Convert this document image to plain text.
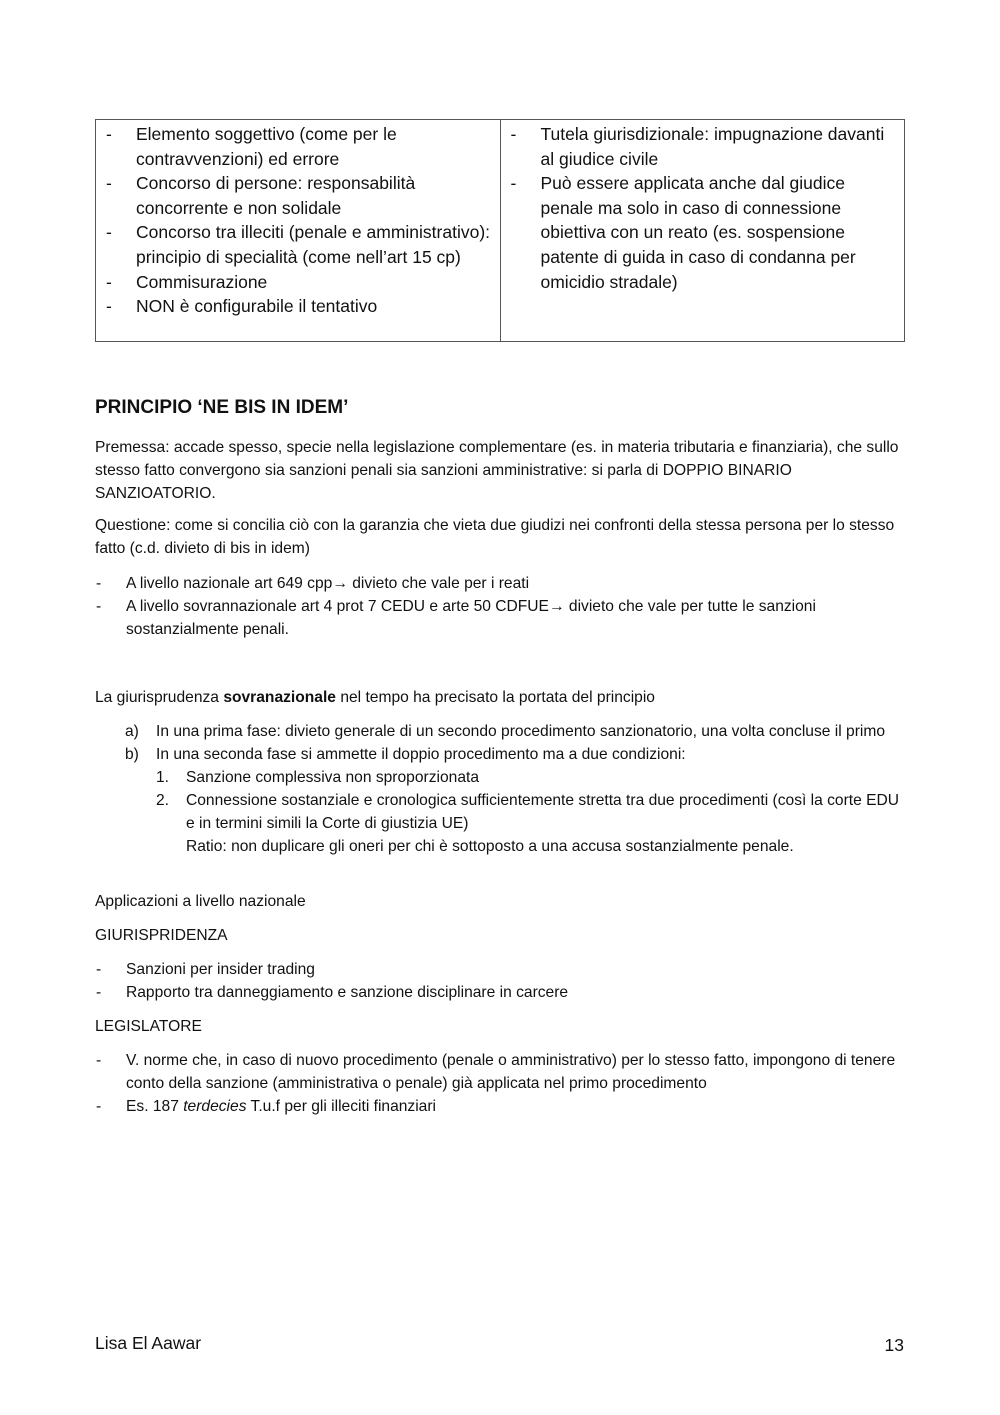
- Elemento soggettivo (come per le contravvenzioni) ed errore
- Concorso di persone: responsabilità concorrente e non solidale
- Concorso tra illeciti (penale e amministrativo): principio di specialità (come nell’art 15 cp)
- Commisurazione
- NON è configurabile il tentativo

- Tutela giurisdizionale: impugnazione davanti al giudice civile
- Può essere applicata anche dal giudice penale ma solo in caso di connessione obiettiva con un reato (es. sospensione patente di guida in caso di condanna per omicidio stradale)
PRINCIPIO ‘NE BIS IN IDEM’

Premessa: accade spesso, specie nella legislazione complementare (es. in materia tributaria e finanziaria), che sullo stesso fatto convergono sia sanzioni penali sia sanzioni amministrative: si parla di DOPPIO BINARIO SANZIOATORIO.

Questione: come si concilia ciò con la garanzia che vieta due giudizi nei confronti della stessa persona per lo stesso fatto (c.d. divieto di bis in idem)

- A livello nazionale art 649 cpp→ divieto che vale per i reati
- A livello sovrannazionale art 4 prot 7 CEDU e arte 50 CDFUE→ divieto che vale per tutte le sanzioni sostanzialmente penali.

La giurisprudenza sovranazionale nel tempo ha precisato la portata del principio

a) In una prima fase: divieto generale di un secondo procedimento sanzionatorio, una volta concluse il primo
b) In una seconda fase si ammette il doppio procedimento ma a due condizioni:
1. Sanzione complessiva non sproporzionata
2. Connessione sostanziale e cronologica sufficientemente stretta tra due procedimenti (così la corte EDU e in termini simili la Corte di giustizia UE)
Ratio: non duplicare gli oneri per chi è sottoposto a una accusa sostanzialmente penale.

Applicazioni a livello nazionale

GIURISPRIDENZA

- Sanzioni per insider trading
- Rapporto tra danneggiamento e sanzione disciplinare in carcere

LEGISLATORE

- V. norme che, in caso di nuovo procedimento (penale o amministrativo) per lo stesso fatto, impongono di tenere conto della sanzione (amministrativa o penale) già applicata nel primo procedimento
- Es. 187 terdecies T.u.f per gli illeciti finanziari
Lisa El Aawar	13
